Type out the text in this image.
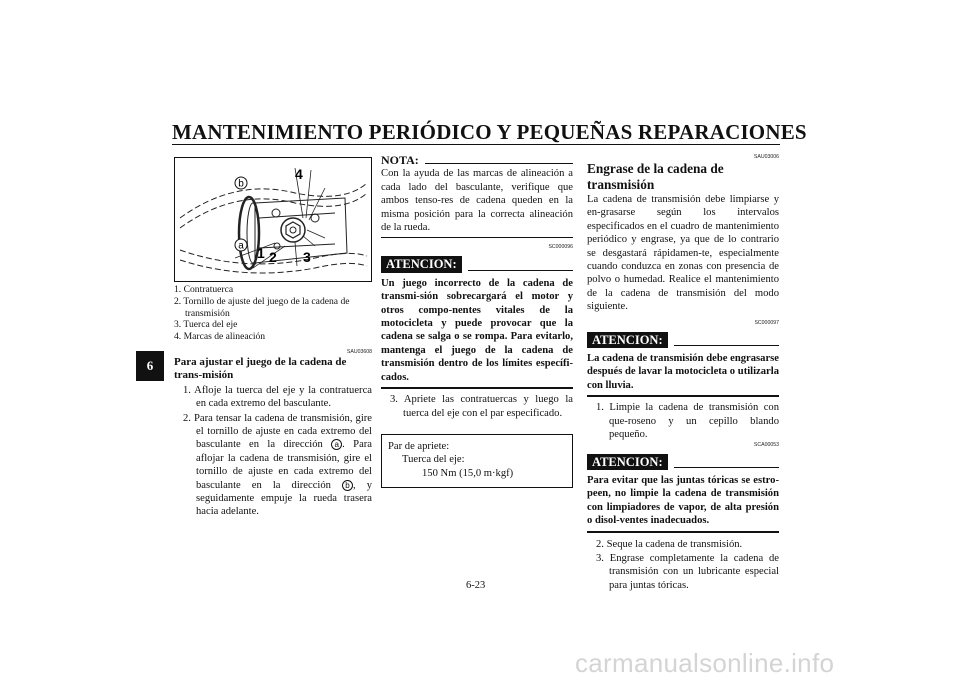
MANTENIMIENTO PERIÓDICO Y PEQUEÑAS REPARACIONES
6
b
a
4
1 2 3
1. Contratuerca
2. Tornillo de ajuste del juego de la cadena de transmisión
3. Tuerca del eje
4. Marcas de alineación
SAU03608
Para ajustar el juego de la cadena de trans-misión
1. Afloje la tuerca del eje y la contratuerca en cada extremo del basculante.
2. Para tensar la cadena de transmisión, gire el tornillo de ajuste en cada extremo del basculante en la dirección a . Para aflojar la cadena de transmisión, gire el tornillo de ajuste en cada extremo del basculante en la dirección b , y seguidamente empuje la rueda trasera hacia adelante.
NOTA:
Con la ayuda de las marcas de alineación a cada lado del basculante, verifique que ambos tenso-res de cadena queden en la misma posición para la correcta alineación de la rueda.
SC000096
ATENCION:
Un juego incorrecto de la cadena de transmi-sión sobrecargará el motor y otros compo-nentes vitales de la motocicleta y puede provocar que la cadena se salga o se rompa. Para evitarlo, mantenga el juego de la cadena de transmisión dentro de los límites específi-cados.
3. Apriete las contratuercas y luego la tuerca del eje con el par especificado.
Par de apriete:
Tuerca del eje:
150 Nm (15,0 m·kgf)
SAU03006
Engrase de la cadena de transmisión
La cadena de transmisión debe limpiarse y en-grasarse según los intervalos especificados en el cuadro de mantenimiento periódico y engrase, ya que de lo contrario se desgastará rápidamen-te, especialmente cuando conduzca en zonas con presencia de polvo o humedad. Realice el mantenimiento de la cadena de transmisión del modo siguiente.
SC000097
ATENCION:
La cadena de transmisión debe engrasarse después de lavar la motocicleta o utilizarla con lluvia.
1. Limpie la cadena de transmisión con que-roseno y un cepillo blando pequeño.
SCA00053
ATENCION:
Para evitar que las juntas tóricas se estro-peen, no limpie la cadena de transmisión con limpiadores de vapor, de alta presión o disol-ventes inadecuados.
2. Seque la cadena de transmisión.
3. Engrase completamente la cadena de transmisión con un lubricante especial para juntas tóricas.
6-23
carmanualsonline.info
